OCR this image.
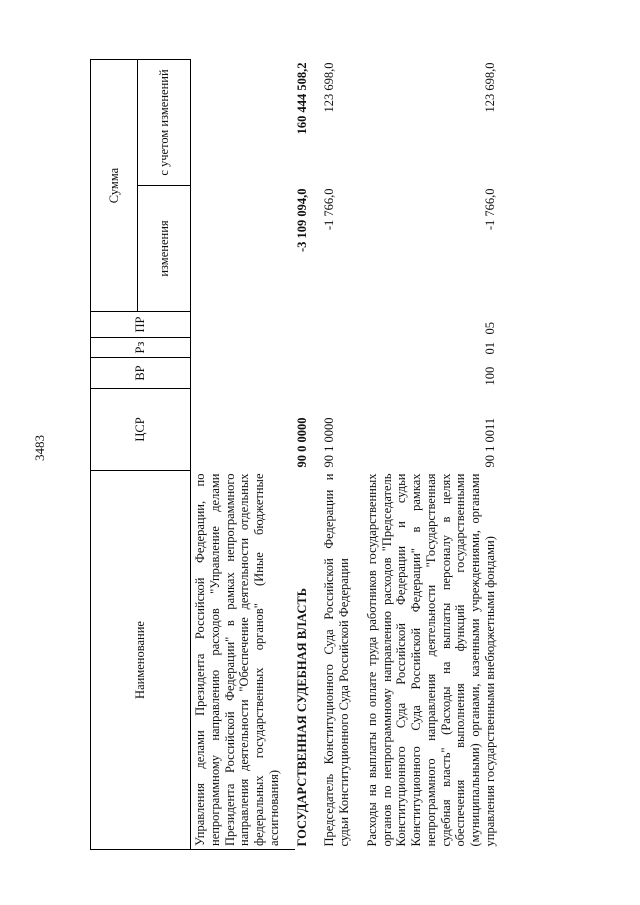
3483
Наименование	ЦСР	ВР	Рз	ПР	Сумма	
					изменения	с учетом изменений
Управления делами Президента Российской Федерации, по непрограммному направлению расходов "Управление делами Президента Российской Федерации" в рамках непрограммного направления деятельности "Обеспечение деятельности отдельных федеральных государственных органов" (Иные бюджетные ассигнования)						
ГОСУДАРСТВЕННАЯ СУДЕБНАЯ ВЛАСТЬ	90 0 0000				-3 109 094,0	160 444 508,2
Председатель Конституционного Суда Российской Федерации и судьи Конституционного Суда Российской Федерации	90 1 0000				-1 766,0	123 698,0
Расходы на выплаты по оплате труда работников государственных органов по непрограммному направлению расходов "Председатель Конституционного Суда Российской Федерации и судьи Конституционного Суда Российской Федерации" в рамках непрограммного направления деятельности "Государственная судебная власть" (Расходы на выплаты персоналу в целях обеспечения выполнения функций государственными (муниципальными) органами, казенными учреждениями, органами управления государственными внебюджетными фондами)	90 1 0011	100	01	05	-1 766,0	123 698,0
